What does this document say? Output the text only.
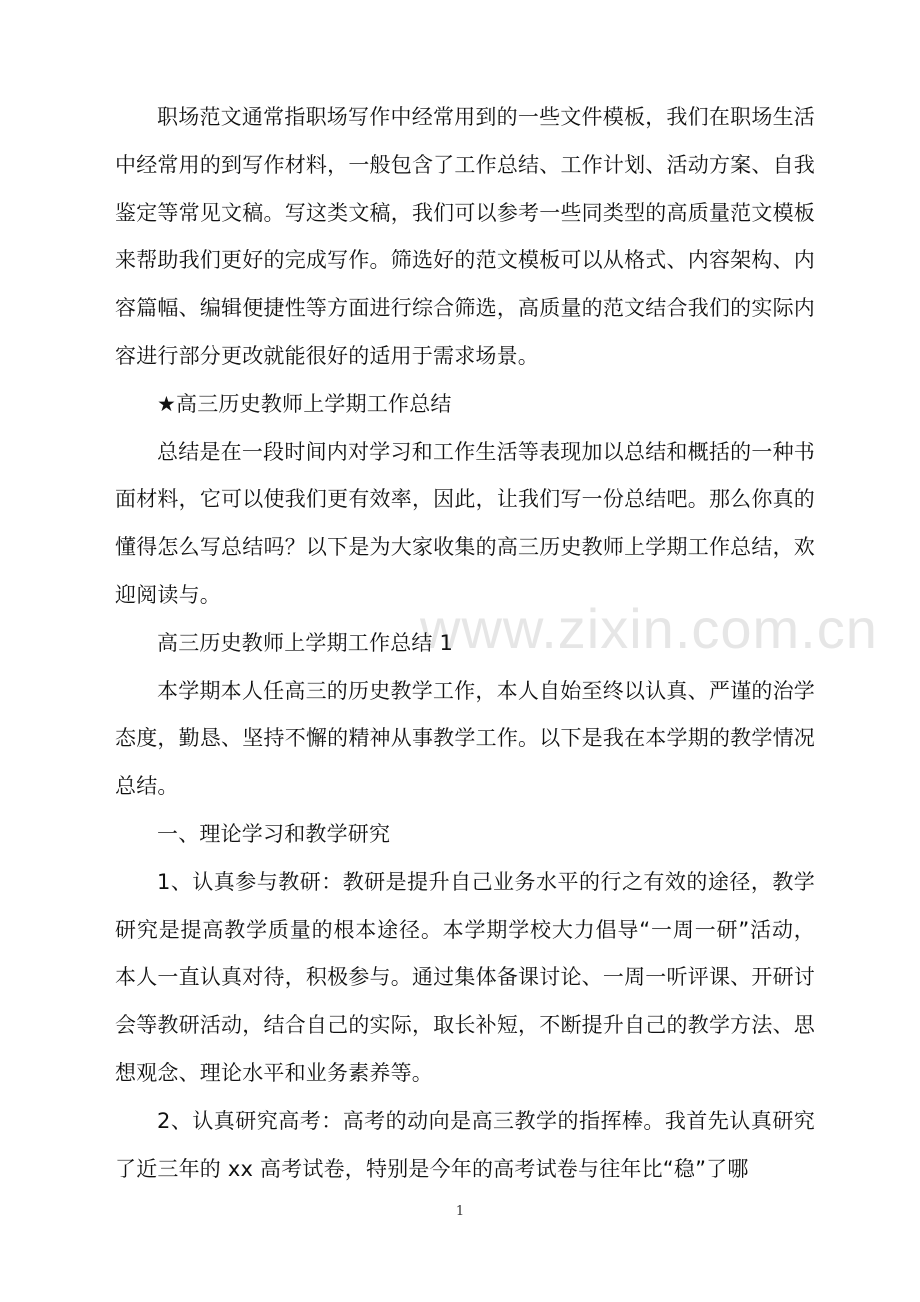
www.zixin.com.cn

职场范文通常指职场写作中经常用到的一些文件模板，我们在职场生活中经常用的到写作材料，一般包含了工作总结、工作计划、活动方案、自我鉴定等常见文稿。写这类文稿，我们可以参考一些同类型的高质量范文模板来帮助我们更好的完成写作。筛选好的范文模板可以从格式、内容架构、内容篇幅、编辑便捷性等方面进行综合筛选，高质量的范文结合我们的实际内容进行部分更改就能很好的适用于需求场景。

★高三历史教师上学期工作总结

总结是在一段时间内对学习和工作生活等表现加以总结和概括的一种书面材料，它可以使我们更有效率，因此，让我们写一份总结吧。那么你真的懂得怎么写总结吗？以下是为大家收集的高三历史教师上学期工作总结，欢迎阅读与。

高三历史教师上学期工作总结 1

本学期本人任高三的历史教学工作，本人自始至终以认真、严谨的治学态度，勤恳、坚持不懈的精神从事教学工作。以下是我在本学期的教学情况总结。

一、理论学习和教学研究

1、认真参与教研：教研是提升自己业务水平的行之有效的途径，教学研究是提高教学质量的根本途径。本学期学校大力倡导“一周一研”活动，本人一直认真对待，积极参与。通过集体备课讨论、一周一听评课、开研讨会等教研活动，结合自己的实际，取长补短，不断提升自己的教学方法、思想观念、理论水平和业务素养等。

2、认真研究高考：高考的动向是高三教学的指挥棒。我首先认真研究了近三年的 xx 高考试卷，特别是今年的高考试卷与往年比“稳”了哪

1
